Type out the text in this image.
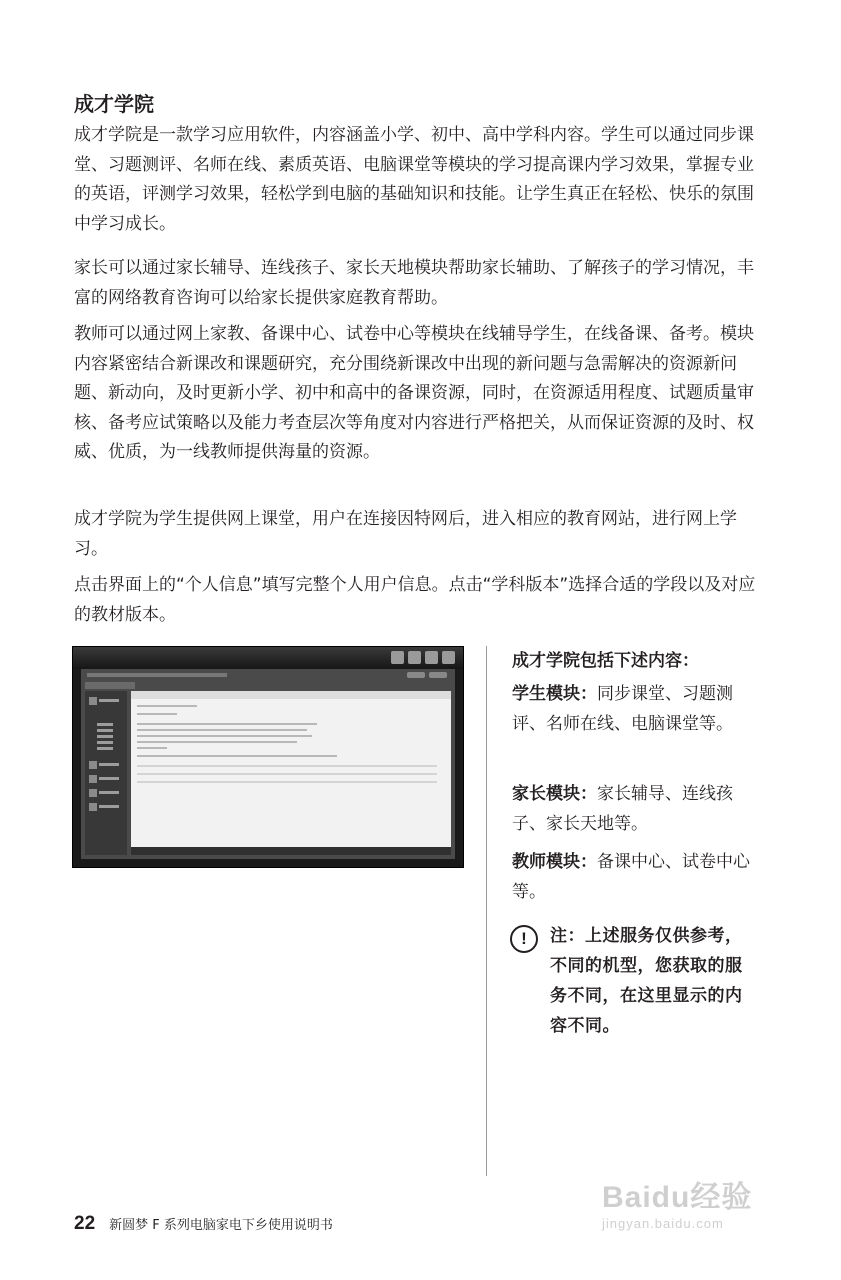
成才学院

成才学院是一款学习应用软件，内容涵盖小学、初中、高中学科内容。学生可以通过同步课堂、习题测评、名师在线、素质英语、电脑课堂等模块的学习提高课内学习效果，掌握专业的英语，评测学习效果，轻松学到电脑的基础知识和技能。让学生真正在轻松、快乐的氛围中学习成长。

家长可以通过家长辅导、连线孩子、家长天地模块帮助家长辅助、了解孩子的学习情况，丰富的网络教育咨询可以给家长提供家庭教育帮助。

教师可以通过网上家教、备课中心、试卷中心等模块在线辅导学生，在线备课、备考。模块内容紧密结合新课改和课题研究，充分围绕新课改中出现的新问题与急需解决的资源新问题、新动向，及时更新小学、初中和高中的备课资源，同时，在资源适用程度、试题质量审核、备考应试策略以及能力考查层次等角度对内容进行严格把关，从而保证资源的及时、权威、优质，为一线教师提供海量的资源。

成才学院为学生提供网上课堂，用户在连接因特网后，进入相应的教育网站，进行网上学习。

点击界面上的“个人信息”填写完整个人用户信息。点击“学科版本”选择合适的学段以及对应的教材版本。

成才学院包括下述内容：

学生模块：同步课堂、习题测评、名师在线、电脑课堂等。

家长模块：家长辅导、连线孩子、家长天地等。

教师模块：备课中心、试卷中心等。

!	注：上述服务仅供参考，不同的机型，您获取的服务不同，在这里显示的内容不同。

22 新圆梦 F 系列电脑家电下乡使用说明书
Baidu经验
jingyan.baidu.com
